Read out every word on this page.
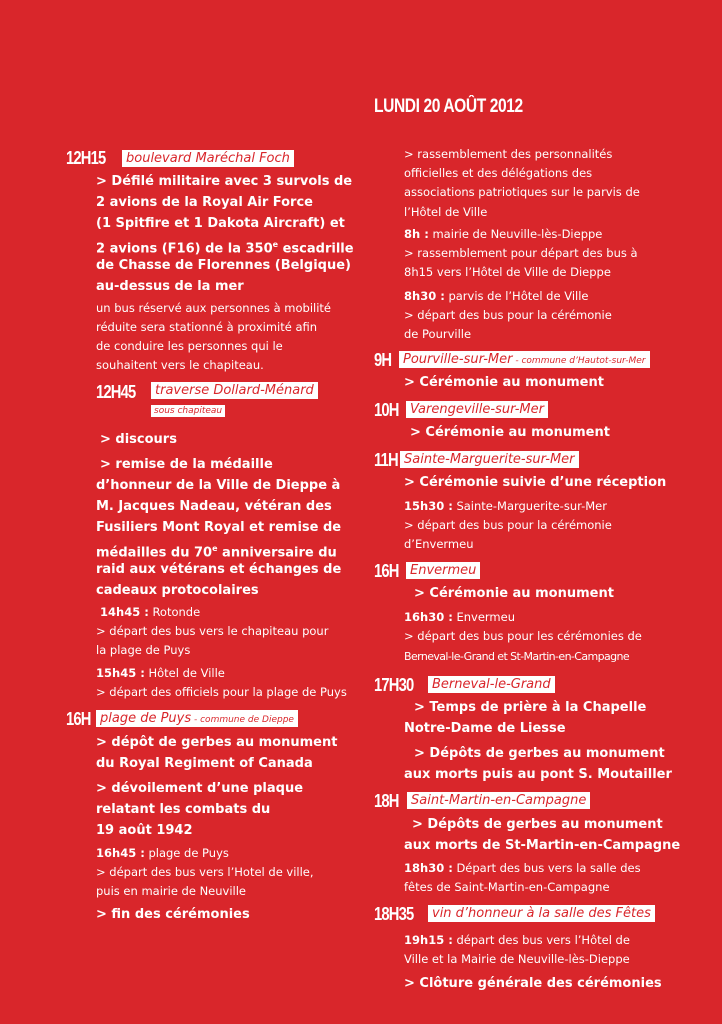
LUNDI 20 AOÛT 2012
12H15	boulevard Maréchal Foch
> Défilé militaire avec 3 survols de
2 avions de la Royal Air Force
(1 Spitfire et 1 Dakota Aircraft) et
2 avions (F16) de la 350e escadrille
de Chasse de Florennes (Belgique)
au-dessus de la mer
un bus réservé aux personnes à mobilité
réduite sera stationné à proximité afin
de conduire les personnes qui le
souhaitent vers le chapiteau.
12H45	traverse Dollard-Ménard
sous chapiteau
> discours
> remise de la médaille
d’honneur de la Ville de Dieppe à
M. Jacques Nadeau, vétéran des
Fusiliers Mont Royal et remise de
médailles du 70e anniversaire du
raid aux vétérans et échanges de
cadeaux protocolaires
14h45 : Rotonde
> départ des bus vers le chapiteau pour
la plage de Puys
15h45 : Hôtel de Ville
> départ des officiels pour la plage de Puys
16H plage de Puys - commune de Dieppe
> dépôt de gerbes au monument
du Royal Regiment of Canada
> dévoilement d’une plaque
relatant les combats du
19 août 1942
16h45 : plage de Puys
> départ des bus vers l’Hotel de ville,
puis en mairie de Neuville
> fin des cérémonies
> rassemblement des personnalités
officielles et des délégations des
associations patriotiques sur le parvis de
l’Hôtel de Ville
8h : mairie de Neuville-lès-Dieppe
> rassemblement pour départ des bus à
8h15 vers l’Hôtel de Ville de Dieppe
8h30 : parvis de l’Hôtel de Ville
> départ des bus pour la cérémonie
de Pourville
9H Pourville-sur-Mer - commune d’Hautot-sur-Mer
> Cérémonie au monument
10H Varengeville-sur-Mer
> Cérémonie au monument
11H Sainte-Marguerite-sur-Mer
> Cérémonie suivie d’une réception
15h30 : Sainte-Marguerite-sur-Mer
> départ des bus pour la cérémonie
d’Envermeu
16H Envermeu
> Cérémonie au monument
16h30 : Envermeu
> départ des bus pour les cérémonies de
Berneval-le-Grand et St-Martin-en-Campagne
17H30	Berneval-le-Grand
> Temps de prière à la Chapelle
Notre-Dame de Liesse
> Dépôts de gerbes au monument
aux morts puis au pont S. Moutailler
18H Saint-Martin-en-Campagne
> Dépôts de gerbes au monument
aux morts de St-Martin-en-Campagne
18h30 : Départ des bus vers la salle des
fêtes de Saint-Martin-en-Campagne
18H35	vin d’honneur à la salle des Fêtes
19h15 : départ des bus vers l’Hôtel de
Ville et la Mairie de Neuville-lès-Dieppe
> Clôture générale des cérémonies
